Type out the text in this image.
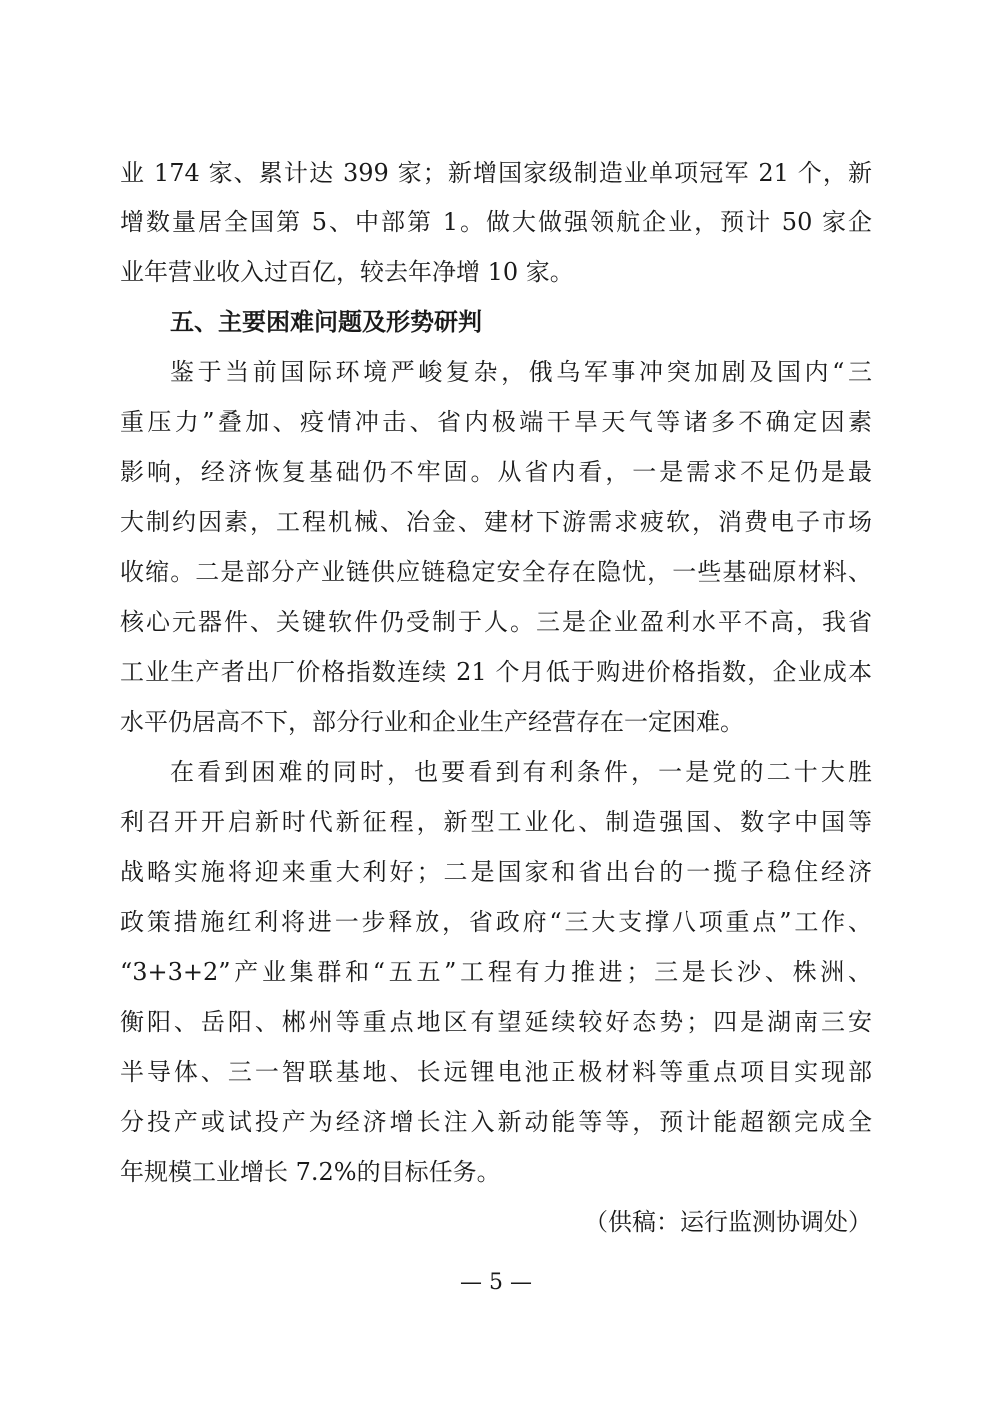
业 174 家、累计达 399 家；新增国家级制造业单项冠军 21 个，新
增数量居全国第 5、中部第 1。做大做强领航企业，预计 50 家企
业年营业收入过百亿，较去年净增 10 家。
五、主要困难问题及形势研判
鉴于当前国际环境严峻复杂，俄乌军事冲突加剧及国内“三
重压力”叠加、疫情冲击、省内极端干旱天气等诸多不确定因素
影响，经济恢复基础仍不牢固。从省内看，一是需求不足仍是最
大制约因素，工程机械、冶金、建材下游需求疲软，消费电子市场
收缩。二是部分产业链供应链稳定安全存在隐忧，一些基础原材料、
核心元器件、关键软件仍受制于人。三是企业盈利水平不高，我省
工业生产者出厂价格指数连续 21 个月低于购进价格指数，企业成本
水平仍居高不下，部分行业和企业生产经营存在一定困难。
在看到困难的同时，也要看到有利条件，一是党的二十大胜
利召开开启新时代新征程，新型工业化、制造强国、数字中国等
战略实施将迎来重大利好；二是国家和省出台的一揽子稳住经济
政策措施红利将进一步释放，省政府“三大支撑八项重点”工作、
“3+3+2”产业集群和“五五”工程有力推进；三是长沙、株洲、
衡阳、岳阳、郴州等重点地区有望延续较好态势；四是湖南三安
半导体、三一智联基地、长远锂电池正极材料等重点项目实现部
分投产或试投产为经济增长注入新动能等等，预计能超额完成全
年规模工业增长 7.2%的目标任务。
（供稿：运行监测协调处）
— 5 —
